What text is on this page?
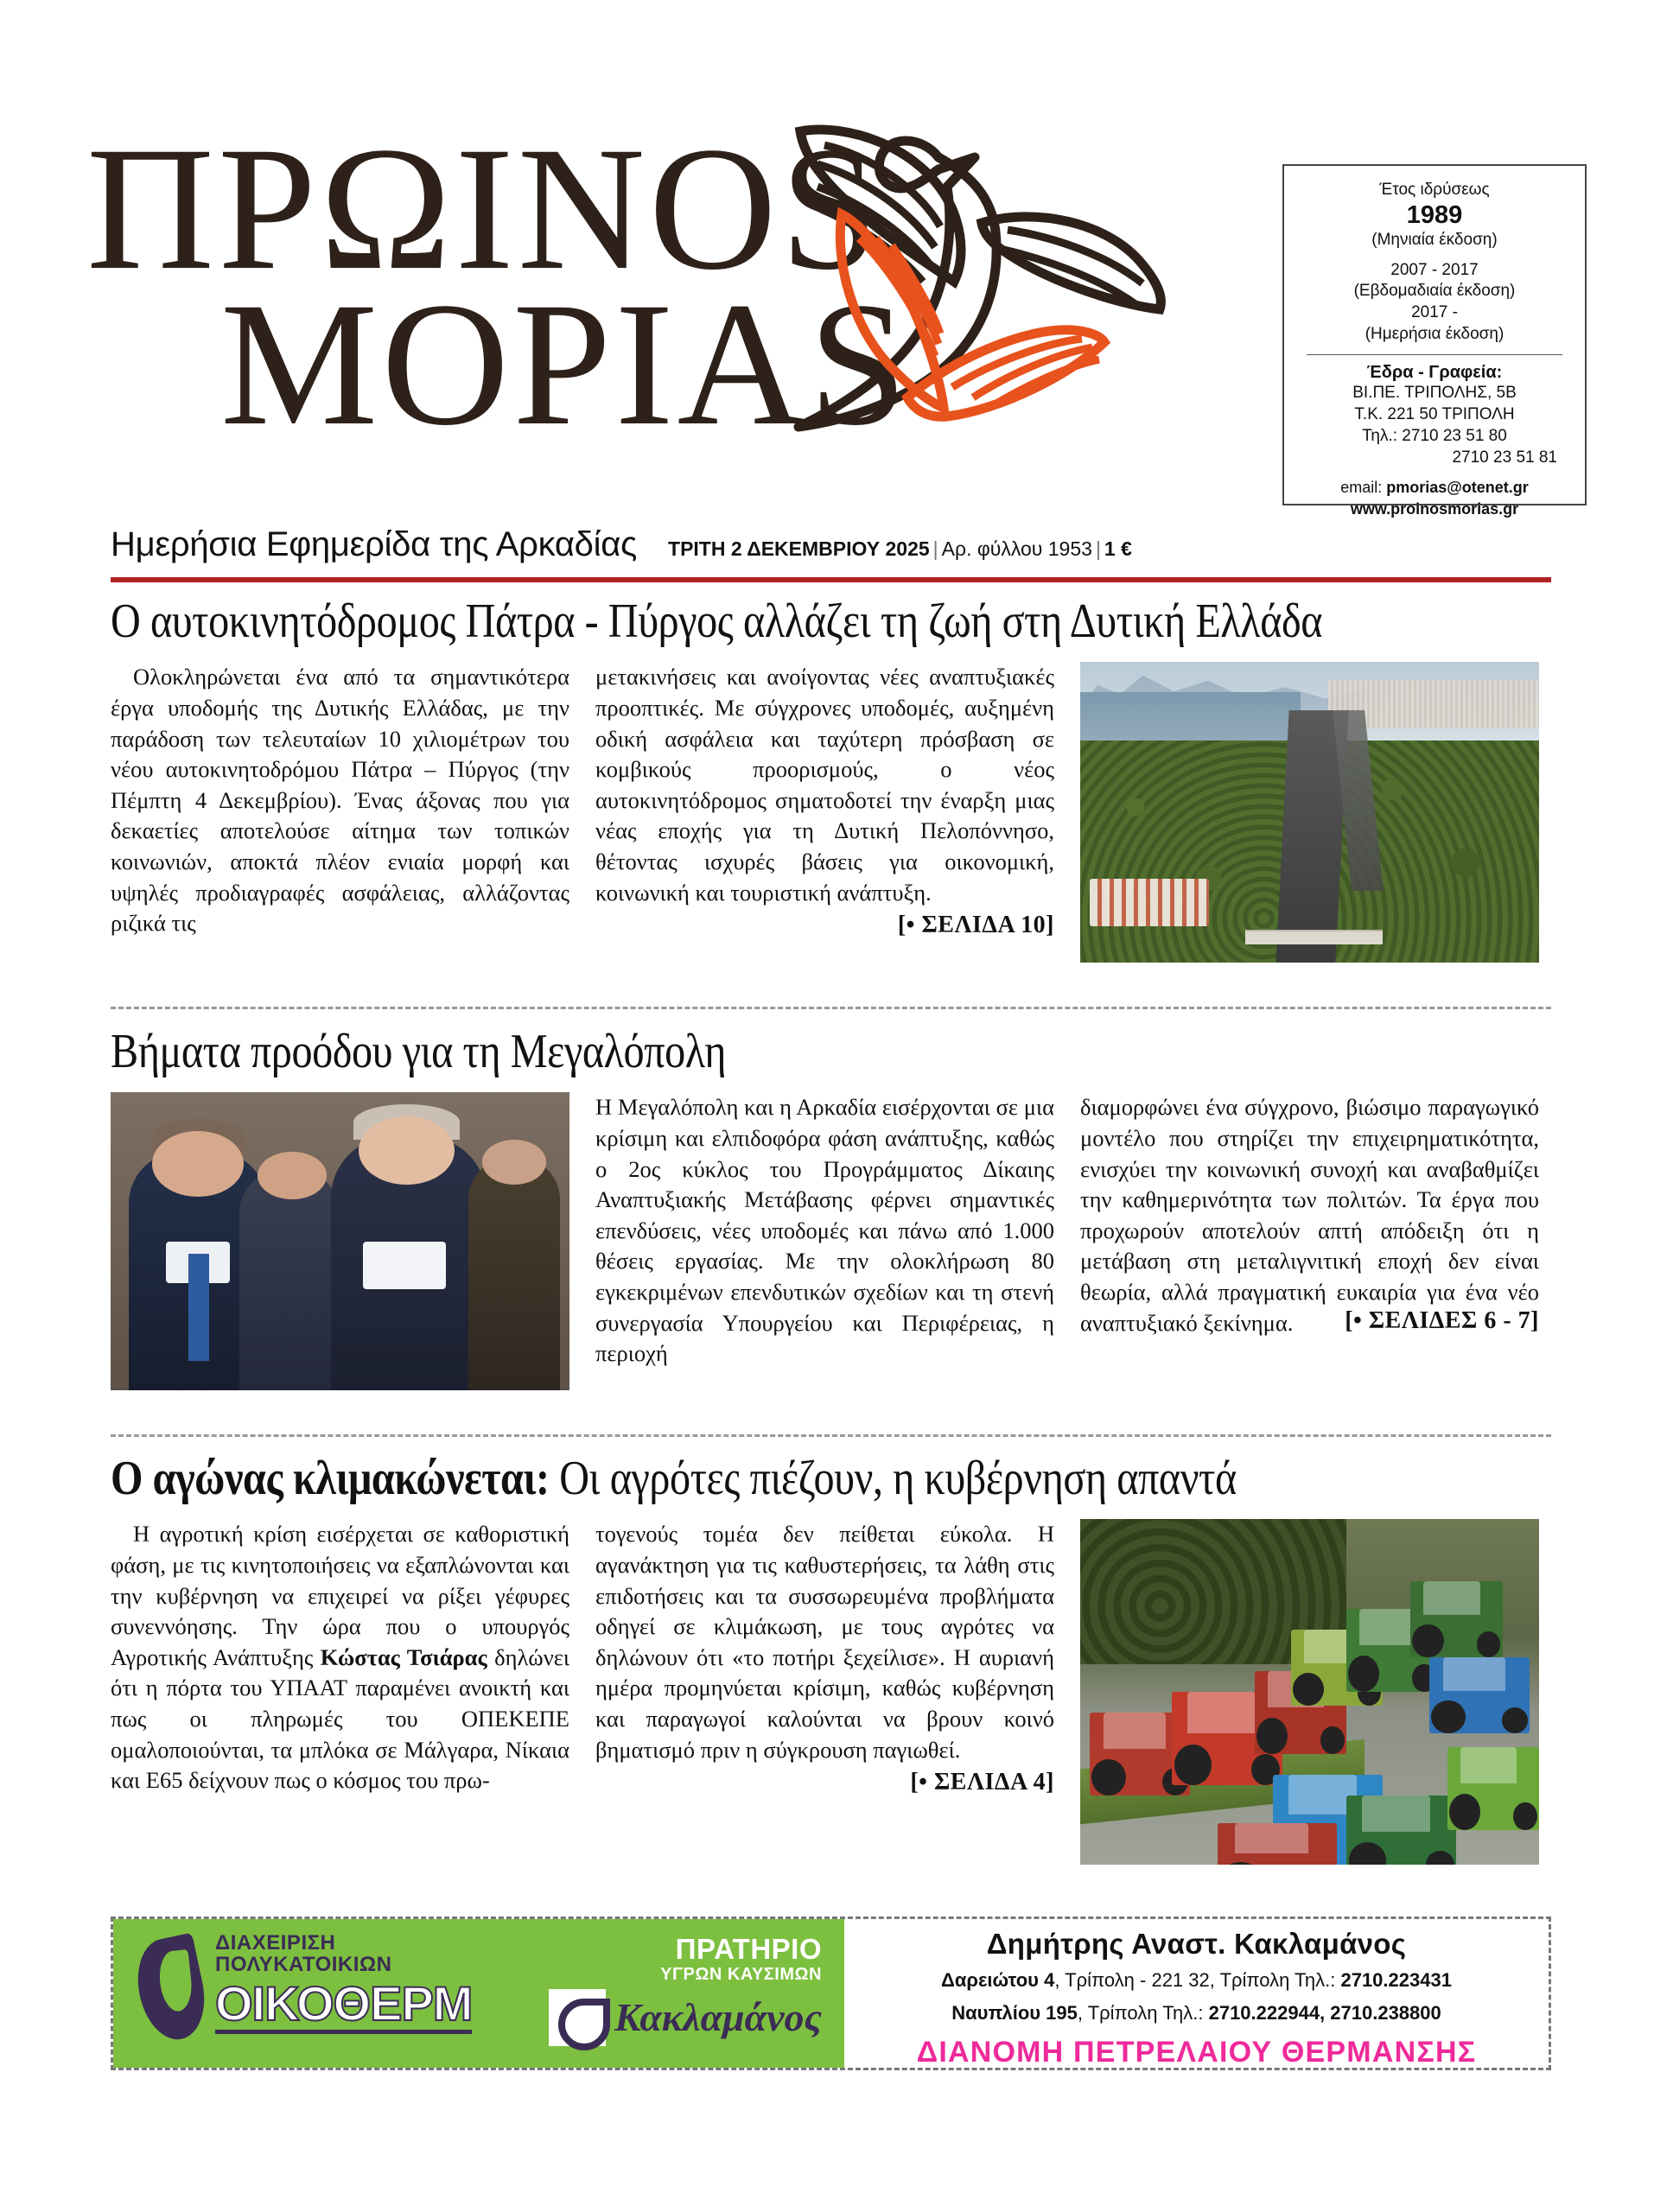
ΠΡΩΙΝΟS
ΜΟΡΙΑS
Έτος ιδρύσεως
1989
(Μηνιαία έκδοση)
2007 - 2017
(Εβδομαδιαία έκδοση)
2017 -
(Ημερήσια έκδοση)
Έδρα - Γραφεία:
ΒΙ.ΠΕ. ΤΡΙΠΟΛΗΣ, 5Β
Τ.Κ. 221 50 ΤΡΙΠΟΛΗ
Τηλ.: 2710 23 51 80
2710 23 51 81
email: pmorias@otenet.gr
www.proinosmorias.gr
Ημερήσια Εφημερίδα της Αρκαδίας ΤΡΙΤΗ 2 ΔΕΚΕΜΒΡΙΟΥ 2025 | Αρ. φύλλου 1953 | 1 €
Ο αυτοκινητόδρομος Πάτρα - Πύργος αλλάζει τη ζωή στη Δυτική Ελλάδα

Ολοκληρώνεται ένα από τα σημαντικότερα έργα υποδομής της Δυτικής Ελλάδας, με την παράδοση των τελευταίων 10 χιλιομέτρων του νέου αυτοκινητοδρόμου Πάτρα – Πύργος (την Πέμπτη 4 Δεκεμβρίου). Ένας άξονας που για δεκαετίες αποτελούσε αίτημα των τοπικών κοινωνιών, αποκτά πλέον ενιαία μορφή και υψηλές προδιαγραφές ασφάλειας, αλλάζοντας ριζικά τις

μετακινήσεις και ανοίγοντας νέες αναπτυξιακές προοπτικές. Με σύγχρονες υποδομές, αυξημένη οδική ασφάλεια και ταχύτερη πρόσβαση σε κομβικούς προορισμούς, ο νέος αυτοκινητόδρομος σηματοδοτεί την έναρξη μιας νέας εποχής για τη Δυτική Πελοπόννησο, θέτοντας ισχυρές βάσεις για οικονομική, κοινωνική και τουριστική ανάπτυξη.

[• ΣΕΛΙΔΑ 10]
Βήματα προόδου για τη Μεγαλόπολη

Η Μεγαλόπολη και η Αρκαδία εισέρχονται σε μια κρίσιμη και ελπιδοφόρα φάση ανάπτυξης, καθώς ο 2ος κύκλος του Προγράμματος Δίκαιης Αναπτυξιακής Μετάβασης φέρνει σημαντικές επενδύσεις, νέες υποδομές και πάνω από 1.000 θέσεις εργασίας. Με την ολοκλήρωση 80 εγκεκριμένων επενδυτικών σχεδίων και τη στενή συνεργασία Υπουργείου και Περιφέρειας, η περιοχή

διαμορφώνει ένα σύγχρονο, βιώσιμο παραγωγικό μοντέλο που στηρίζει την επιχειρηματικότητα, ενισχύει την κοινωνική συνοχή και αναβαθμίζει την καθημερινότητα των πολιτών. Τα έργα που προχωρούν αποτελούν απτή απόδειξη ότι η μετάβαση στη μεταλιγνιτική εποχή δεν είναι θεωρία, αλλά πραγματική ευκαιρία για ένα νέο αναπτυξιακό ξεκίνημα.	[• ΣΕΛΙΔΕΣ 6 - 7]
Ο αγώνας κλιμακώνεται: Οι αγρότες πιέζουν, η κυβέρνηση απαντά

Η αγροτική κρίση εισέρχεται σε καθοριστική φάση, με τις κινητοποιήσεις να εξαπλώνονται και την κυβέρνηση να επιχειρεί να ρίξει γέφυρες συνεννόησης. Την ώρα που ο υπουργός Αγροτικής Ανάπτυξης Κώστας Τσιάρας δηλώνει ότι η πόρτα του ΥΠΑΑΤ παραμένει ανοικτή και πως οι πληρωμές του ΟΠΕΚΕΠΕ ομαλοποιούνται, τα μπλόκα σε Μάλγαρα, Νίκαια και Ε65 δείχνουν πως ο κόσμος του πρω-

τογενούς τομέα δεν πείθεται εύκολα. Η αγανάκτηση για τις καθυστερήσεις, τα λάθη στις επιδοτήσεις και τα συσσωρευμένα προβλήματα οδηγεί σε κλιμάκωση, με τους αγρότες να δηλώνουν ότι «το ποτήρι ξεχείλισε». Η αυριανή ημέρα προμηνύεται κρίσιμη, καθώς κυβέρνηση και παραγωγοί καλούνται να βρουν κοινό βηματισμό πριν η σύγκρουση παγιωθεί.

[• ΣΕΛΙΔΑ 4]
ΔΙΑΧΕΙΡΙΣΗ
ΠΟΛΥΚΑΤΟΙΚΙΩΝ
ΟΙΚΟΘΕΡΜ
ΠΡΑΤΗΡΙΟ
ΥΓΡΩΝ ΚΑΥΣΙΜΩΝ
Κακλαμάνος
Δημήτρης Αναστ. Κακλαμάνος
Δαρειώτου 4, Τρίπολη - 221 32, Τρίπολη Τηλ.: 2710.223431
Ναυπλίου 195, Τρίπολη Τηλ.: 2710.222944, 2710.238800
ΔΙΑΝΟΜΗ ΠΕΤΡΕΛΑΙΟΥ ΘΕΡΜΑΝΣΗΣ
